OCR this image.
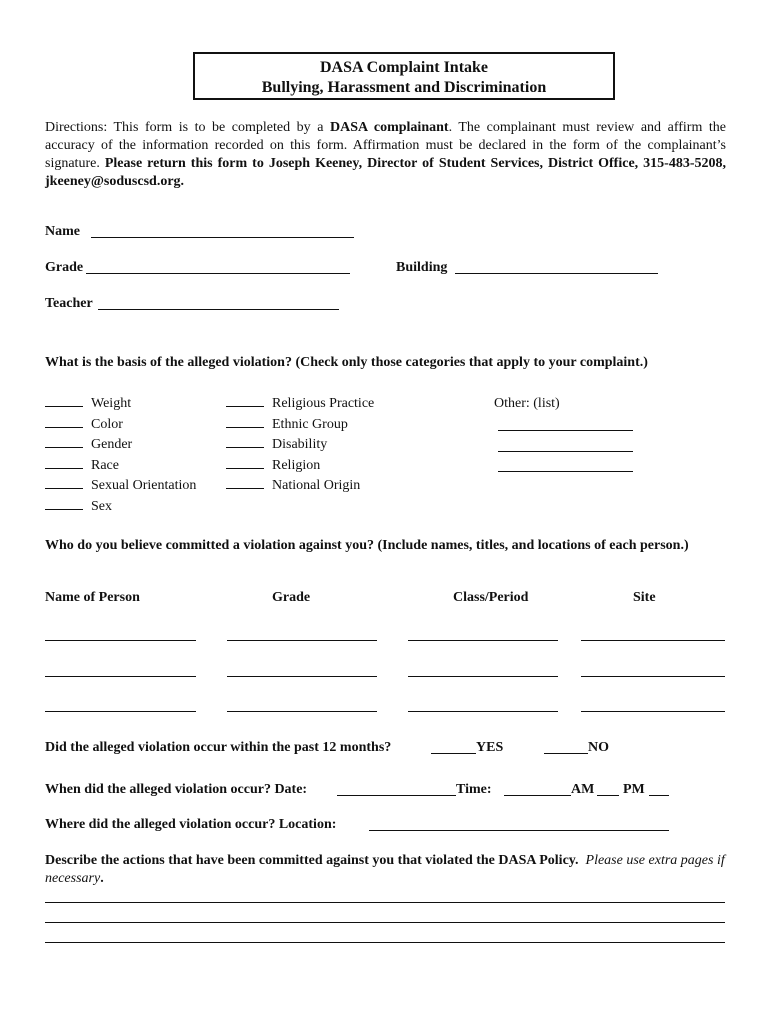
DASA Complaint Intake
Bullying, Harassment and Discrimination
Directions: This form is to be completed by a DASA complainant. The complainant must review and affirm the accuracy of the information recorded on this form. Affirmation must be declared in the form of the complainant’s signature. Please return this form to Joseph Keeney, Director of Student Services, District Office, 315-483-5208, jkeeney@soduscsd.org.
Name
Grade	Building
Teacher
What is the basis of the alleged violation? (Check only those categories that apply to your complaint.)
Weight
Color
Gender
Race
Sexual Orientation
Sex
Religious Practice
Ethnic Group
Disability
Religion
National Origin
Other: (list)
Who do you believe committed a violation against you? (Include names, titles, and locations of each person.)
Name of Person	Grade	Class/Period	Site
Did the alleged violation occur within the past 12 months?	YES	NO
When did the alleged violation occur? Date:	Time:	AM PM
Where did the alleged violation occur? Location:
Describe the actions that have been committed against you that violated the DASA Policy. Please use extra pages if necessary.
